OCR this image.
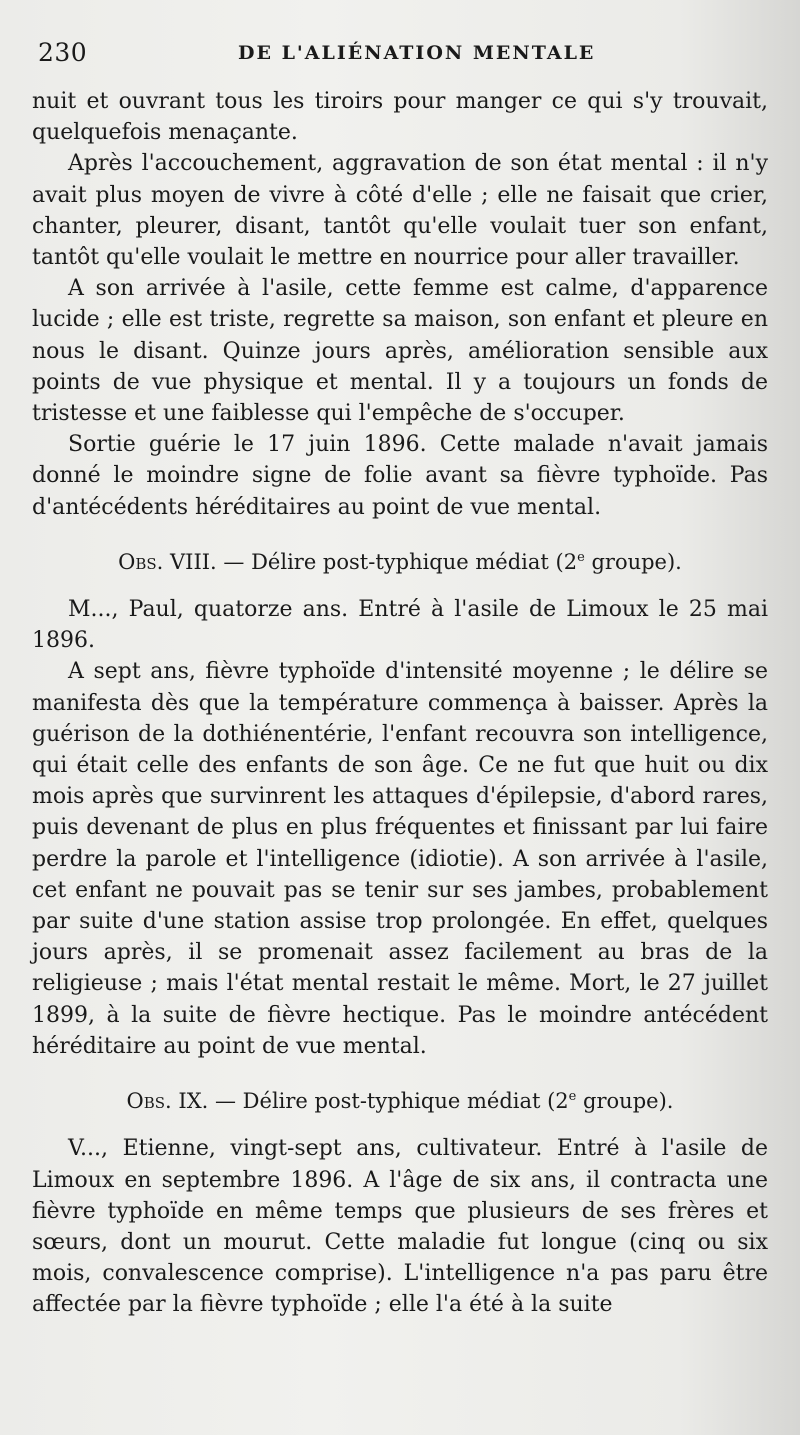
230	DE L'ALIÉNATION MENTALE

nuit et ouvrant tous les tiroirs pour manger ce qui s'y trouvait, quelquefois menaçante.

Après l'accouchement, aggravation de son état mental : il n'y avait plus moyen de vivre à côté d'elle ; elle ne faisait que crier, chanter, pleurer, disant, tantôt qu'elle voulait tuer son enfant, tantôt qu'elle voulait le mettre en nourrice pour aller travailler.

A son arrivée à l'asile, cette femme est calme, d'apparence lucide ; elle est triste, regrette sa maison, son enfant et pleure en nous le disant. Quinze jours après, amélioration sensible aux points de vue physique et mental. Il y a toujours un fonds de tristesse et une faiblesse qui l'empêche de s'occuper.

Sortie guérie le 17 juin 1896. Cette malade n'avait jamais donné le moindre signe de folie avant sa fièvre typhoïde. Pas d'antécédents héréditaires au point de vue mental.

Obs. VIII. — Délire post-typhique médiat (2e groupe).

M..., Paul, quatorze ans. Entré à l'asile de Limoux le 25 mai 1896.

A sept ans, fièvre typhoïde d'intensité moyenne ; le délire se manifesta dès que la température commença à baisser. Après la guérison de la dothiénentérie, l'enfant recouvra son intelligence, qui était celle des enfants de son âge. Ce ne fut que huit ou dix mois après que survinrent les attaques d'épilepsie, d'abord rares, puis devenant de plus en plus fréquentes et finissant par lui faire perdre la parole et l'intelligence (idiotie). A son arrivée à l'asile, cet enfant ne pouvait pas se tenir sur ses jambes, probablement par suite d'une station assise trop prolongée. En effet, quelques jours après, il se promenait assez facilement au bras de la religieuse ; mais l'état mental restait le même. Mort, le 27 juillet 1899, à la suite de fièvre hectique. Pas le moindre antécédent héréditaire au point de vue mental.

Obs. IX. — Délire post-typhique médiat (2e groupe).

V..., Etienne, vingt-sept ans, cultivateur. Entré à l'asile de Limoux en septembre 1896. A l'âge de six ans, il contracta une fièvre typhoïde en même temps que plusieurs de ses frères et sœurs, dont un mourut. Cette maladie fut longue (cinq ou six mois, convalescence comprise). L'intelligence n'a pas paru être affectée par la fièvre typhoïde ; elle l'a été à la suite
